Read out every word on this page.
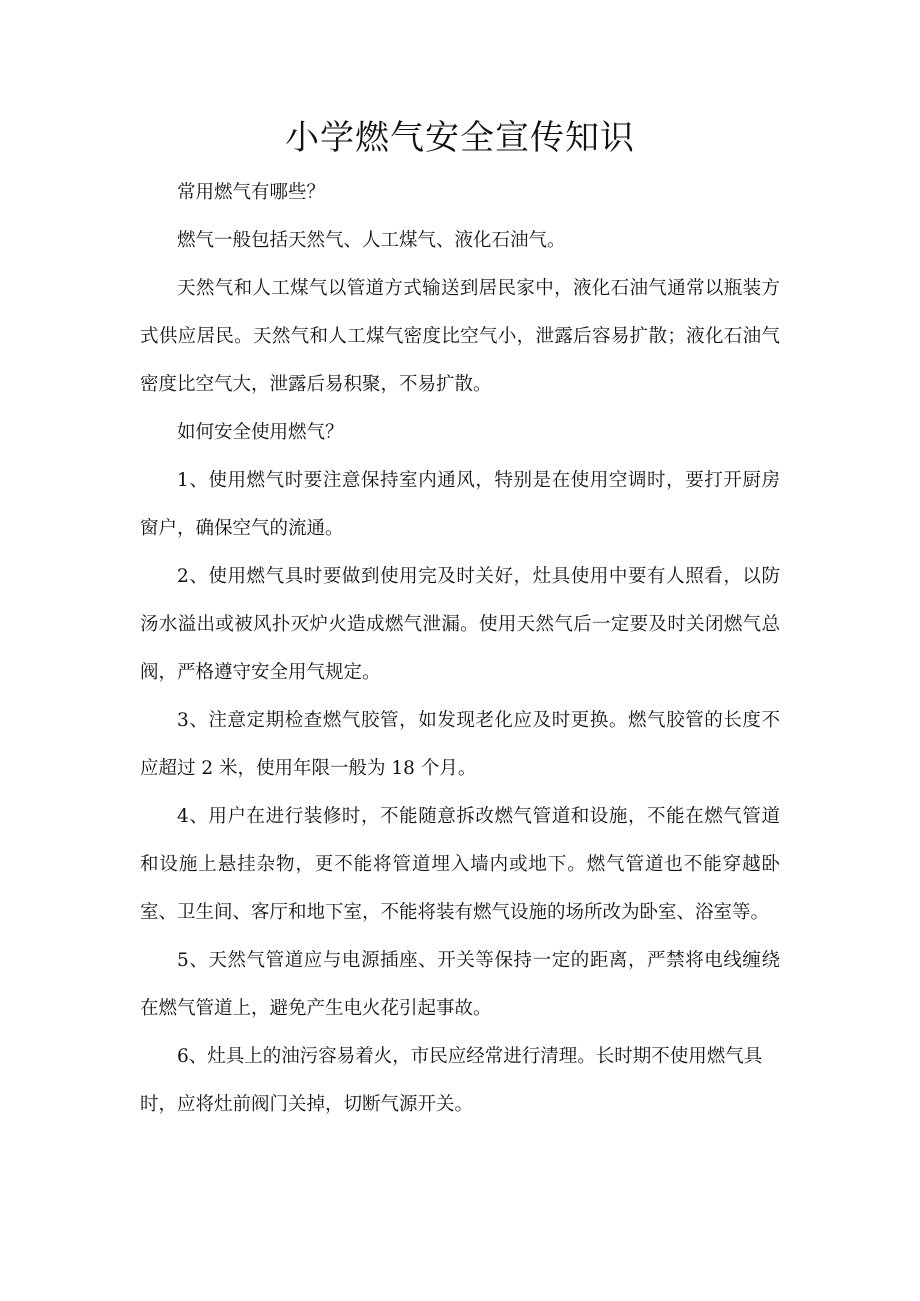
小学燃气安全宣传知识

常用燃气有哪些？

燃气一般包括天然气、人工煤气、液化石油气。

天然气和人工煤气以管道方式输送到居民家中，液化石油气通常以瓶装方式供应居民。天然气和人工煤气密度比空气小，泄露后容易扩散；液化石油气密度比空气大，泄露后易积聚，不易扩散。

如何安全使用燃气？

1、使用燃气时要注意保持室内通风，特别是在使用空调时，要打开厨房窗户，确保空气的流通。

2、使用燃气具时要做到使用完及时关好，灶具使用中要有人照看，以防汤水溢出或被风扑灭炉火造成燃气泄漏。使用天然气后一定要及时关闭燃气总阀，严格遵守安全用气规定。

3、注意定期检查燃气胶管，如发现老化应及时更换。燃气胶管的长度不应超过 2 米，使用年限一般为 18 个月。

4、用户在进行装修时，不能随意拆改燃气管道和设施，不能在燃气管道和设施上悬挂杂物，更不能将管道埋入墙内或地下。燃气管道也不能穿越卧室、卫生间、客厅和地下室，不能将装有燃气设施的场所改为卧室、浴室等。

5、天然气管道应与电源插座、开关等保持一定的距离，严禁将电线缠绕在燃气管道上，避免产生电火花引起事故。

6、灶具上的油污容易着火，市民应经常进行清理。长时期不使用燃气具时，应将灶前阀门关掉，切断气源开关。
